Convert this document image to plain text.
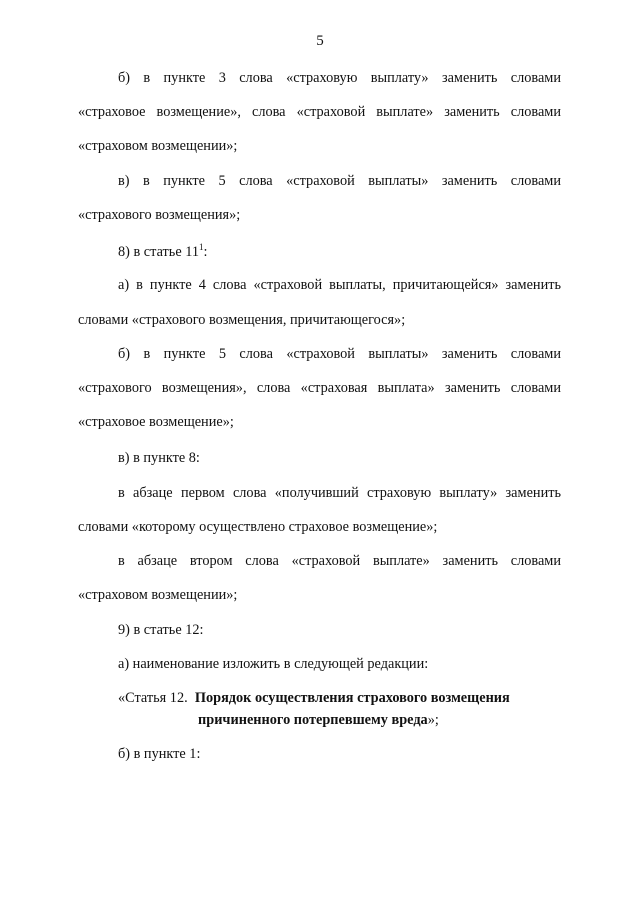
5
б) в пункте 3 слова «страховую выплату» заменить словами
«страховое возмещение», слова «страховой выплате» заменить словами
«страховом возмещении»;
в) в пункте 5 слова «страховой выплаты» заменить словами
«страхового возмещения»;
8) в статье $11^1$:
а) в пункте 4 слова «страховой выплаты, причитающейся» заменить
словами «страхового возмещения, причитающегося»;
б) в пункте 5 слова «страховой выплаты» заменить словами
«страхового возмещения», слова «страховая выплата» заменить словами
«страховое возмещение»;
в) в пункте 8:
в абзаце первом слова «получивший страховую выплату» заменить
словами «которому осуществлено страховое возмещение»;
в абзаце втором слова «страховой выплате» заменить словами
«страховом возмещении»;
9) в статье 12:
а) наименование изложить в следующей редакции:
«Статья 12. Порядок осуществления страхового возмещения
причиненного потерпевшему вреда»;
б) в пункте 1:
